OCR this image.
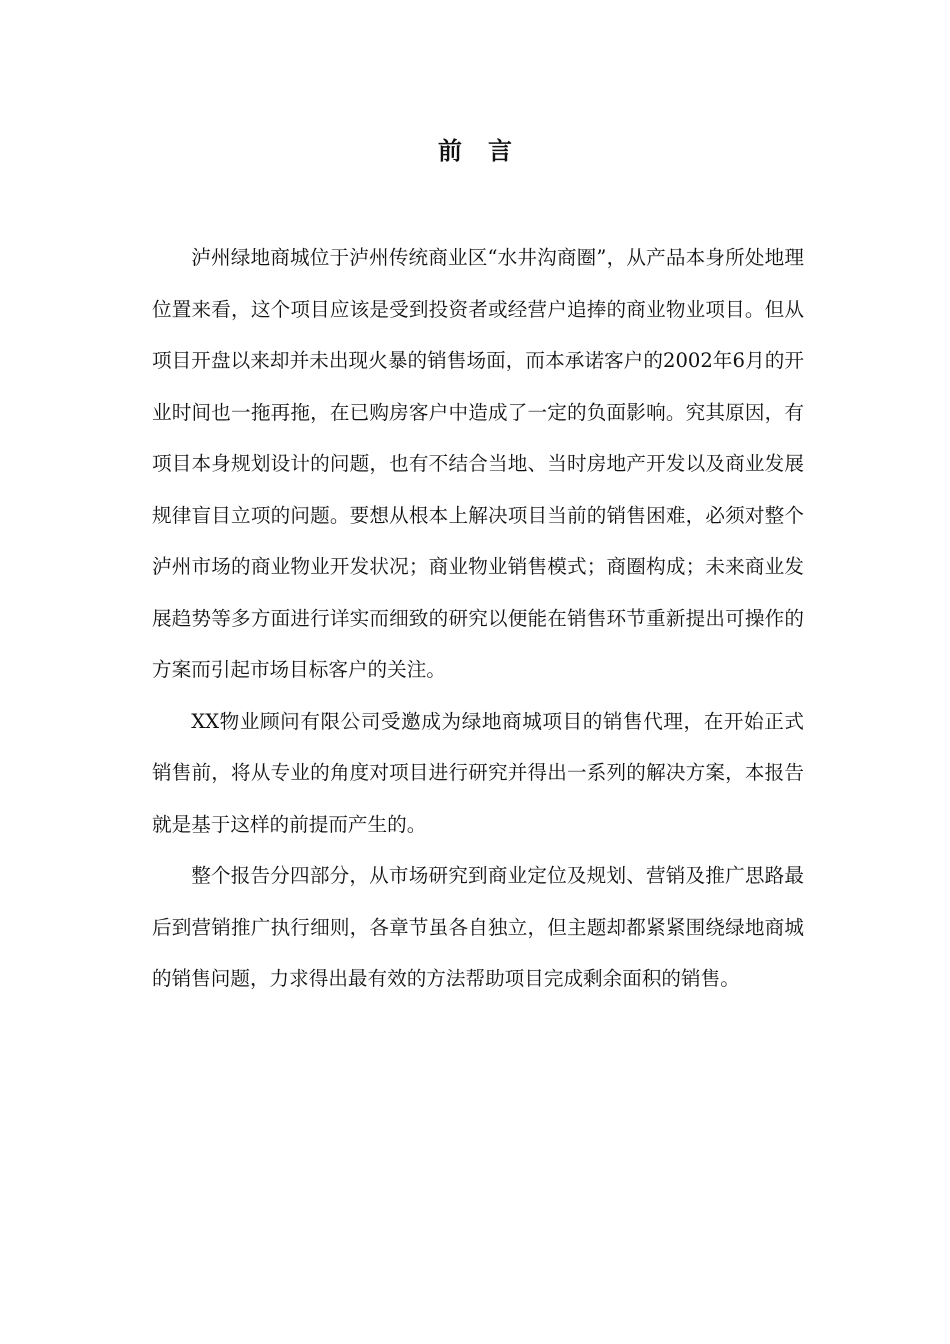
前 言

泸州绿地商城位于泸州传统商业区“水井沟商圈”，从产品本身所处地理位置来看，这个项目应该是受到投资者或经营户追捧的商业物业项目。但从项目开盘以来却并未出现火暴的销售场面，而本承诺客户的2002年6月的开业时间也一拖再拖，在已购房客户中造成了一定的负面影响。究其原因，有项目本身规划设计的问题，也有不结合当地、当时房地产开发以及商业发展规律盲目立项的问题。要想从根本上解决项目当前的销售困难，必须对整个泸州市场的商业物业开发状况；商业物业销售模式；商圈构成；未来商业发展趋势等多方面进行详实而细致的研究以便能在销售环节重新提出可操作的方案而引起市场目标客户的关注。

XX物业顾问有限公司受邀成为绿地商城项目的销售代理，在开始正式销售前，将从专业的角度对项目进行研究并得出一系列的解决方案，本报告就是基于这样的前提而产生的。

整个报告分四部分，从市场研究到商业定位及规划、营销及推广思路最后到营销推广执行细则，各章节虽各自独立，但主题却都紧紧围绕绿地商城的销售问题，力求得出最有效的方法帮助项目完成剩余面积的销售。
